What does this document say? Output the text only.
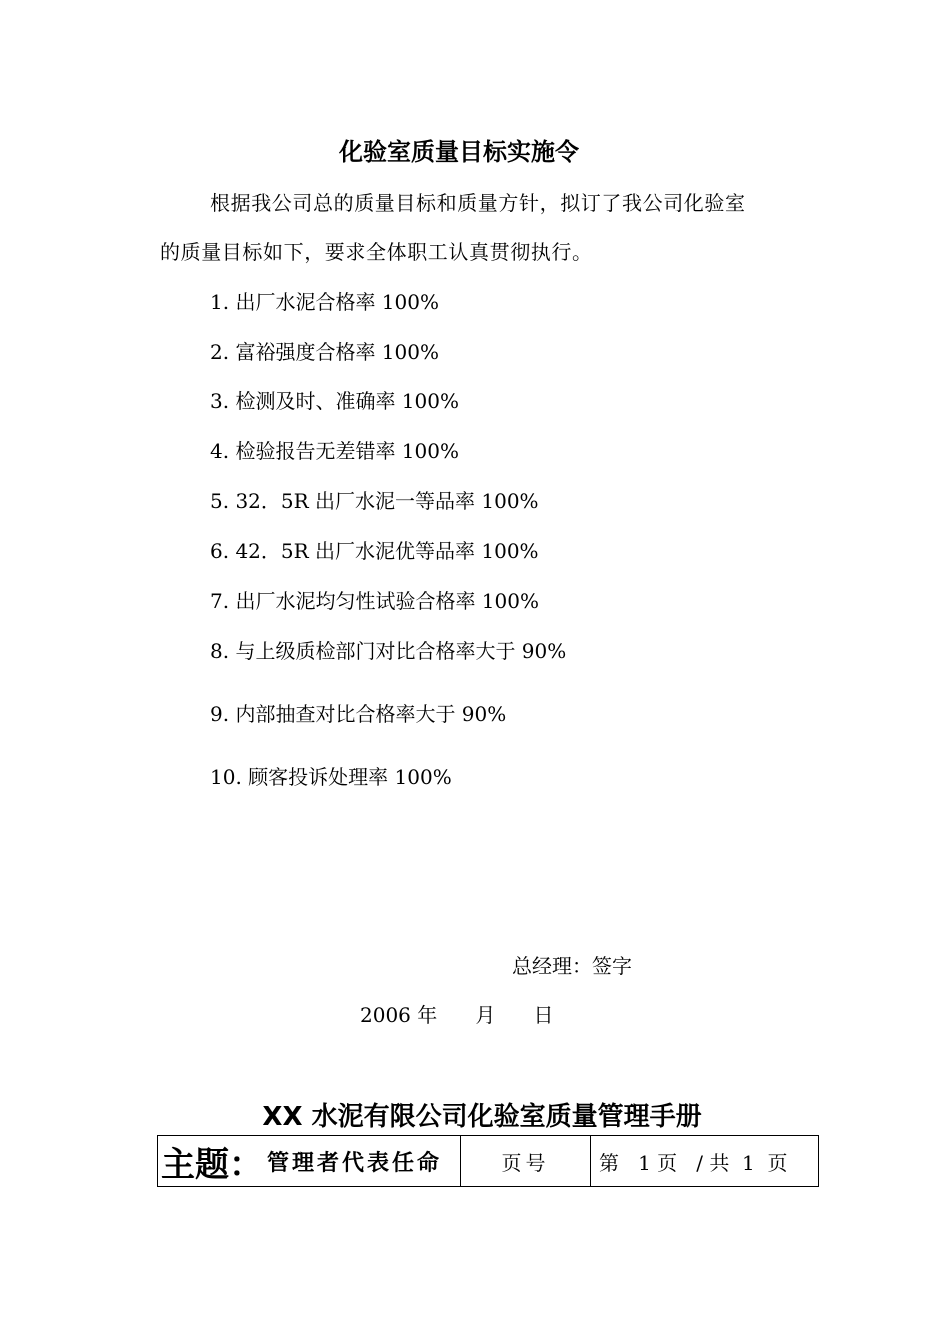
化验室质量目标实施令
根据我公司总的质量目标和质量方针，拟订了我公司化验室
的质量目标如下，要求全体职工认真贯彻执行。
1. 出厂水泥合格率 100%
2. 富裕强度合格率 100%
3. 检测及时、准确率 100%
4. 检验报告无差错率 100%
5. 32．5R 出厂水泥一等品率 100%
6. 42．5R 出厂水泥优等品率 100%
7. 出厂水泥均匀性试验合格率 100%
8. 与上级质检部门对比合格率大于 90%
9. 内部抽查对比合格率大于 90%
10. 顾客投诉处理率 100%
总经理：签字
2006 年      月      日
XX 水泥有限公司化验室质量管理手册
主题： 管理者代表任命	页号	第   1 页   / 共  1  页
